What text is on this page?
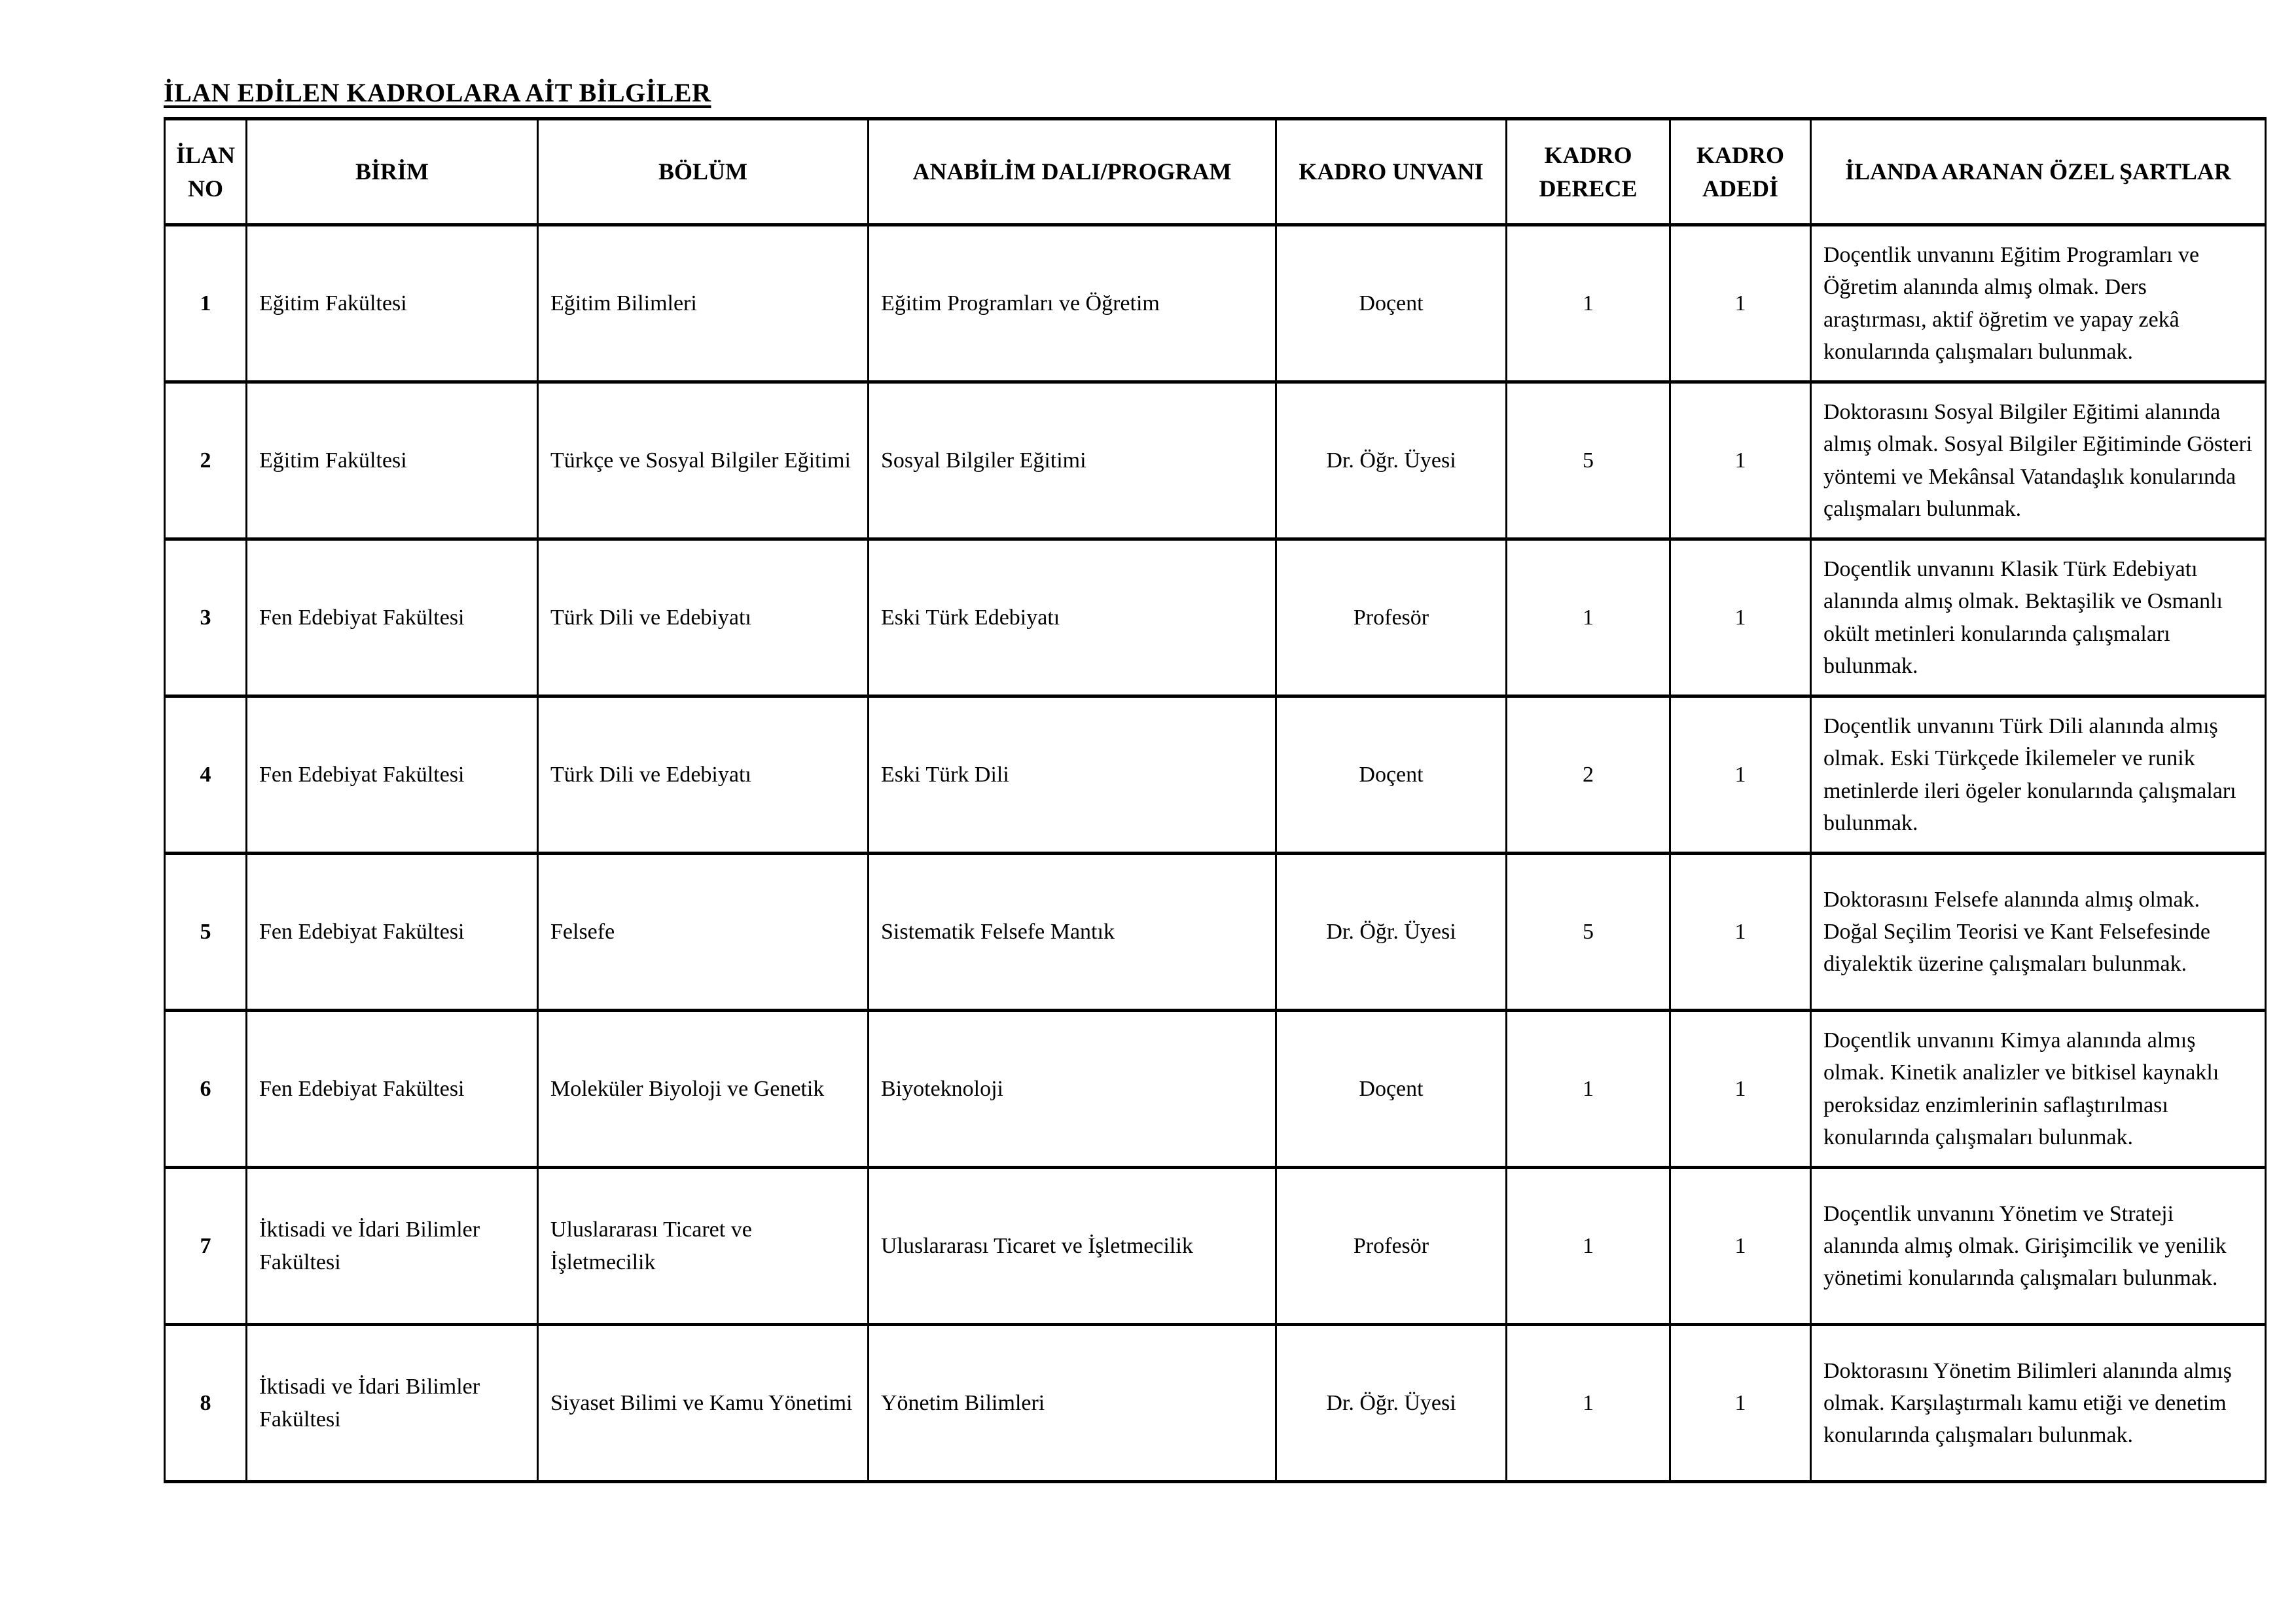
İLAN EDİLEN KADROLARA AİT BİLGİLER
İLAN NO	BİRİM	BÖLÜM	ANABİLİM DALI/PROGRAM	KADRO UNVANI	KADRO DERECE	KADRO ADEDİ	İLANDA ARANAN ÖZEL ŞARTLAR
1	Eğitim Fakültesi	Eğitim Bilimleri	Eğitim Programları ve Öğretim	Doçent	1	1	Doçentlik unvanını Eğitim Programları ve Öğretim alanında almış olmak. Ders araştırması, aktif öğretim ve yapay zekâ konularında çalışmaları bulunmak.
2	Eğitim Fakültesi	Türkçe ve Sosyal Bilgiler Eğitimi	Sosyal Bilgiler Eğitimi	Dr. Öğr. Üyesi	5	1	Doktorasını Sosyal Bilgiler Eğitimi alanında almış olmak. Sosyal Bilgiler Eğitiminde Gösteri yöntemi ve Mekânsal Vatandaşlık konularında çalışmaları bulunmak.
3	Fen Edebiyat Fakültesi	Türk Dili ve Edebiyatı	Eski Türk Edebiyatı	Profesör	1	1	Doçentlik unvanını Klasik Türk Edebiyatı alanında almış olmak. Bektaşilik ve Osmanlı okült metinleri konularında çalışmaları bulunmak.
4	Fen Edebiyat Fakültesi	Türk Dili ve Edebiyatı	Eski Türk Dili	Doçent	2	1	Doçentlik unvanını Türk Dili alanında almış olmak. Eski Türkçede İkilemeler ve runik metinlerde ileri ögeler konularında çalışmaları bulunmak.
5	Fen Edebiyat Fakültesi	Felsefe	Sistematik Felsefe Mantık	Dr. Öğr. Üyesi	5	1	Doktorasını Felsefe alanında almış olmak. Doğal Seçilim Teorisi ve Kant Felsefesinde diyalektik üzerine çalışmaları bulunmak.
6	Fen Edebiyat Fakültesi	Moleküler Biyoloji ve Genetik	Biyoteknoloji	Doçent	1	1	Doçentlik unvanını Kimya alanında almış olmak. Kinetik analizler ve bitkisel kaynaklı peroksidaz enzimlerinin saflaştırılması konularında çalışmaları bulunmak.
7	İktisadi ve İdari Bilimler Fakültesi	Uluslararası Ticaret ve İşletmecilik	Uluslararası Ticaret ve İşletmecilik	Profesör	1	1	Doçentlik unvanını Yönetim ve Strateji alanında almış olmak. Girişimcilik ve yenilik yönetimi konularında çalışmaları bulunmak.
8	İktisadi ve İdari Bilimler Fakültesi	Siyaset Bilimi ve Kamu Yönetimi	Yönetim Bilimleri	Dr. Öğr. Üyesi	1	1	Doktorasını Yönetim Bilimleri alanında almış olmak. Karşılaştırmalı kamu etiği ve denetim konularında çalışmaları bulunmak.
